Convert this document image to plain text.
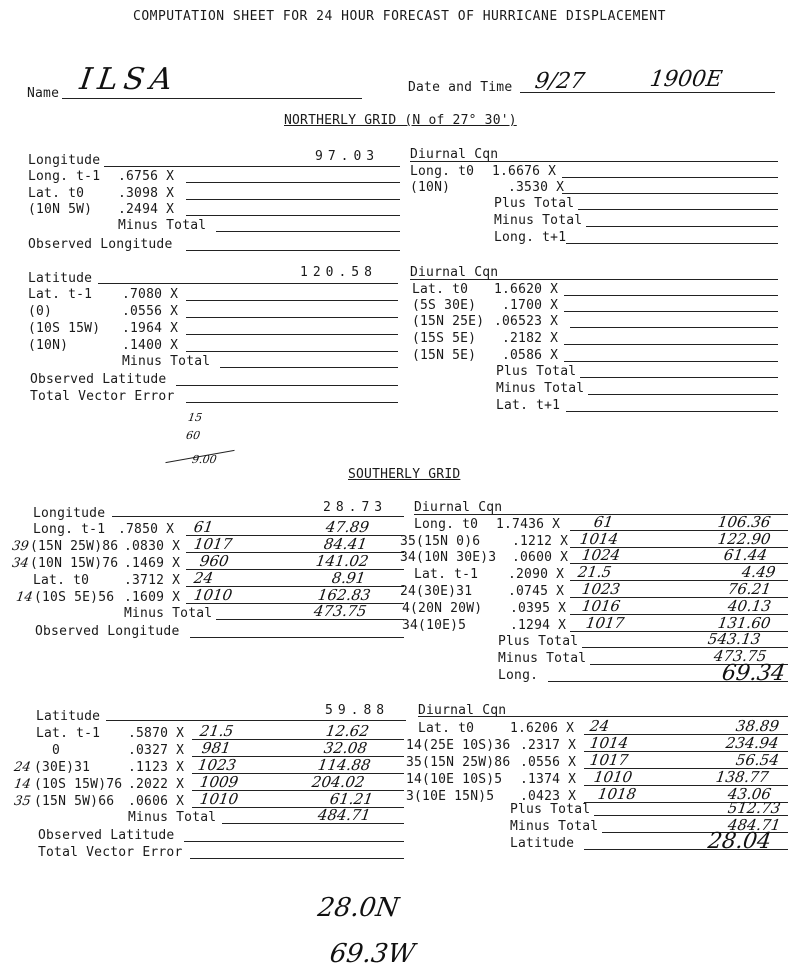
COMPUTATION SHEET FOR 24 HOUR FORECAST OF HURRICANE DISPLACEMENT
Name ILSA	Date and Time 9/27	1900E
NORTHERLY GRID (N of 27° 30')
Longitude	97.03
Long. t-1 .6756 X
Lat. t0	.3098 X
(10N 5W) .2494 X
Minus Total
Observed Longitude
Diurnal Cqn
Long. t0 1.6676 X
(10N)	.3530 X
Plus Total
Minus Total
Long. t+1
Latitude	120.58
Lat. t-1 .7080 X
(0)	.0556 X
(10S 15W) .1964 X
(10N)	.1400 X
Minus Total
Observed Latitude
Total Vector Error
Diurnal Cqn
Lat. t0 1.6620 X
(5S 30E) .1700 X
(15N 25E) .06523 X
(15S 5E) .2182 X
(15N 5E) .0586 X
Plus Total
Minus Total
Lat. t+1
15
60
9.00
SOUTHERLY GRID
Longitude	28.73
Long. t-1 .7850 X 61	47.89
39 (15N 25W)86 .0830 X 1017	84.41
34 (10N 15W)76 .1469 X 960	141.02
Lat. t0	.3712 X 24	8.91
14 (10S 5E)56 .1609 X 1010	162.83
Minus Total	473.75
Observed Longitude
Diurnal Cqn
Long. t0 1.7436 X 61	106.36
35(15N 0)6 .1212 X 1014	122.90
34(10N 30E)3 .0600 X 1024	61.44
Lat. t-1 .2090 X 21.5	4.49
24(30E)31	.0745 X 1023	76.21
4(20N 20W) .0395 X 1016	40.13
34(10E)5	.1294 X 1017	131.60
Plus Total	543.13
Minus Total	473.75
Long.	69.34
Latitude	59.88
Lat. t-1 .5870 X 21.5	12.62
0	.0327 X 981	32.08
24 (30E)31	.1123 X 1023	114.88
14 (10S 15W)76 .2022 X 1009	204.02
35 (15N 5W)66 .0606 X 1010	61.21
Minus Total	484.71
Observed Latitude
Total Vector Error
Diurnal Cqn
Lat. t0	1.6206 X 24	38.89
14(25E 10S)36 .2317 X 1014	234.94
35(15N 25W)86 .0556 X 1017	56.54
14(10E 10S)5 .1374 X 1010	138.77
3(10E 15N)5 .0423 X 1018	43.06
Plus Total	512.73
Minus Total	484.71
Latitude	28.04
28.0N
69.3W
